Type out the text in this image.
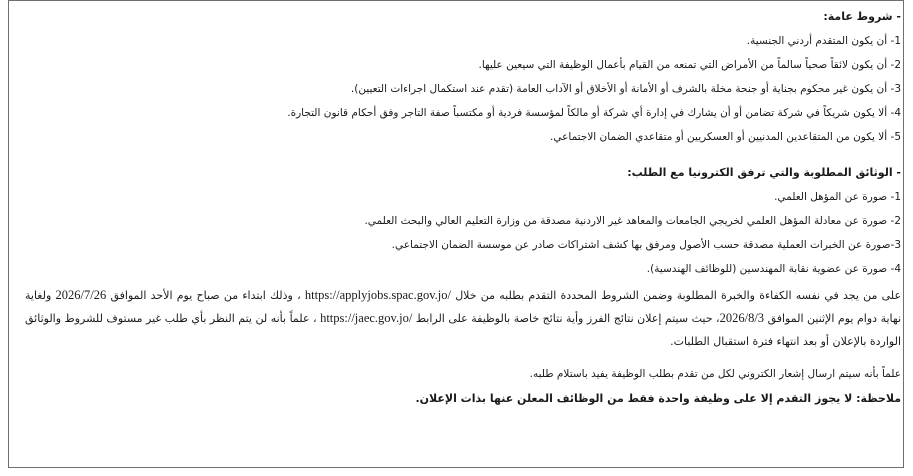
- شروط عامة:

1- أن يكون المتقدم أردني الجنسية.
2- أن يكون لائقاً صحياً سالماً من الأمراض التي تمنعه من القيام بأعمال الوظيفة التي سيعين عليها.
3- أن يكون غير محكوم بجناية أو جنحة مخلة بالشرف أو الأمانة أو الأخلاق أو الآداب العامة (تقدم عند استكمال اجراءات التعيين).
4- ألا يكون شريكاً في شركة تضامن أو أن يشارك في إدارة أي شركة أو مالكاً لمؤسسة فردية أو مكتسباً صفة التاجر وفق أحكام قانون التجارة.
5- ألا يكون من المتقاعدين المدنيين أو العسكريين أو متقاعدي الضمان الاجتماعي.

- الوثائق المطلوبة والتي ترفق الكترونيا مع الطلب:

1- صورة عن المؤهل العلمي.
2- صورة عن معادلة المؤهل العلمي لخريجي الجامعات والمعاهد غير الاردنية مصدقة من وزارة التعليم العالي والبحث العلمي.
3-صورة عن الخبرات العملية مصدقة حسب الأصول ومرفق بها كشف اشتراكات صادر عن موسسة الضمان الاجتماعي.
4- صورة عن عضوية نقابة المهندسين (للوظائف الهندسية).

على من يجد في نفسه الكفاءة والخبرة المطلوبة وضمن الشروط المحددة التقدم بطلبه من خلال https://applyjobs.spac.gov.jo/ ، وذلك ابتداء من صباح يوم الأحد الموافق 2026/7/26 ولغاية نهاية دوام يوم الإثنين الموافق 2026/8/3، حيث سيتم إعلان نتائج الفرز وأية نتائج خاصة بالوظيفة على الرابط https://jaec.gov.jo/ ، علماً بأنه لن يتم النظر بأي طلب غير مستوف للشروط والوثائق الواردة بالإعلان أو بعد انتهاء فترة استقبال الطلبات.

علماً بأنه سيتم ارسال إشعار الكتروني لكل من تقدم بطلب الوظيفة يفيد باستلام طلبه.

ملاحظة: لا يجوز التقدم إلا على وظيفة واحدة فقط من الوظائف المعلن عنها بذات الإعلان.
